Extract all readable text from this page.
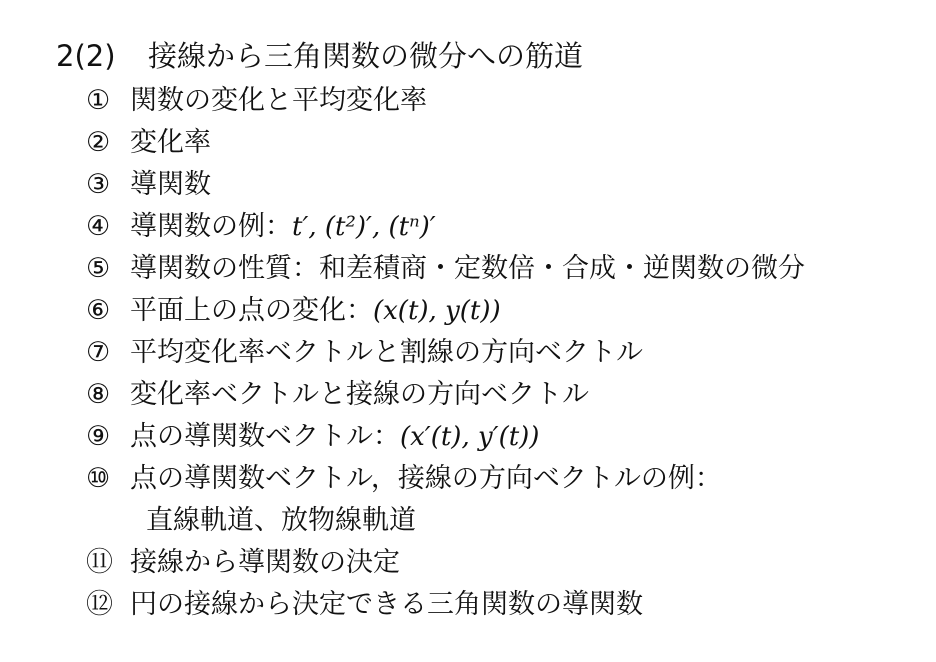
2(2) 接線から三角関数の微分への筋道
① 関数の変化と平均変化率
② 変化率
③ 導関数
④ 導関数の例：t′, (t²)′, (tⁿ)′
⑤ 導関数の性質：和差積商・定数倍・合成・逆関数の微分
⑥ 平面上の点の変化：(x(t), y(t))
⑦ 平均変化率ベクトルと割線の方向ベクトル
⑧ 変化率ベクトルと接線の方向ベクトル
⑨ 点の導関数ベクトル：(x′(t), y′(t))
⑩ 点の導関数ベクトル，接線の方向ベクトルの例：
直線軌道、放物線軌道
⑪ 接線から導関数の決定
⑫ 円の接線から決定できる三角関数の導関数
